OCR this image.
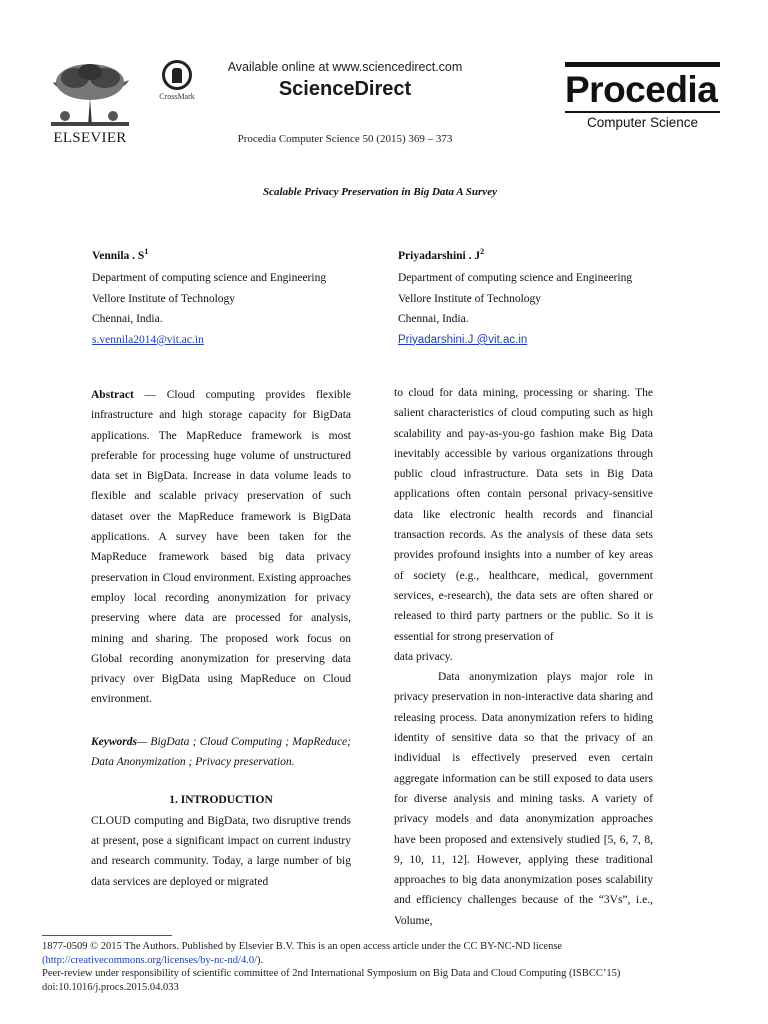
ELSEVIER
CrossMark
Available online at www.sciencedirect.com
ScienceDirect
Procedia Computer Science 50 (2015) 369 – 373
Procedia
Computer Science
Scalable Privacy Preservation in Big Data A Survey
Vennila . $S^1$
Department of computing science and Engineering
Vellore Institute of Technology
Chennai, India.
s.vennila2014@vit.ac.in
Priyadarshini . $J^2$
Department of computing science and Engineering
Vellore Institute of Technology
Chennai, India.
Priyadarshini.J @vit.ac.in

Abstract — Cloud computing provides flexible infrastructure and high storage capacity for BigData applications. The MapReduce framework is most preferable for processing huge volume of unstructured data set in BigData. Increase in data volume leads to flexible and scalable privacy preservation of such dataset over the MapReduce framework is BigData applications. A survey have been taken for the MapReduce framework based big data privacy preservation in Cloud environment. Existing approaches employ local recording anonymization for privacy preserving where data are processed for analysis, mining and sharing. The proposed work focus on Global recording anonymization for preserving data privacy over BigData using MapReduce on Cloud environment.

Keywords— BigData ; Cloud Computing ; MapReduce; Data Anonymization ; Privacy preservation.

1. INTRODUCTION

CLOUD computing and BigData, two disruptive trends at present, pose a significant impact on current industry and research community. Today, a large number of big data services are deployed or migrated

to cloud for data mining, processing or sharing. The salient characteristics of cloud computing such as high scalability and pay-as-you-go fashion make Big Data inevitably accessible by various organizations through public cloud infrastructure. Data sets in Big Data applications often contain personal privacy-sensitive data like electronic health records and financial transaction records. As the analysis of these data sets provides profound insights into a number of key areas of society (e.g., healthcare, medical, government services, e-research), the data sets are often shared or released to third party partners or the public. So it is essential for strong preservation of

data privacy.

Data anonymization plays major role in privacy preservation in non-interactive data sharing and releasing process. Data anonymization refers to hiding identity of sensitive data so that the privacy of an individual is effectively preserved even certain aggregate information can be still exposed to data users for diverse analysis and mining tasks. A variety of privacy models and data anonymization approaches have been proposed and extensively studied [5, 6, 7, 8, 9, 10, 11, 12]. However, applying these traditional approaches to big data anonymization poses scalability and efficiency challenges because of the “3Vs”, i.e., Volume,

1877-0509 © 2015 The Authors. Published by Elsevier B.V. This is an open access article under the CC BY-NC-ND license
(http://creativecommons.org/licenses/by-nc-nd/4.0/).
Peer-review under responsibility of scientific committee of 2nd International Symposium on Big Data and Cloud Computing (ISBCC’15)
doi:10.1016/j.procs.2015.04.033
